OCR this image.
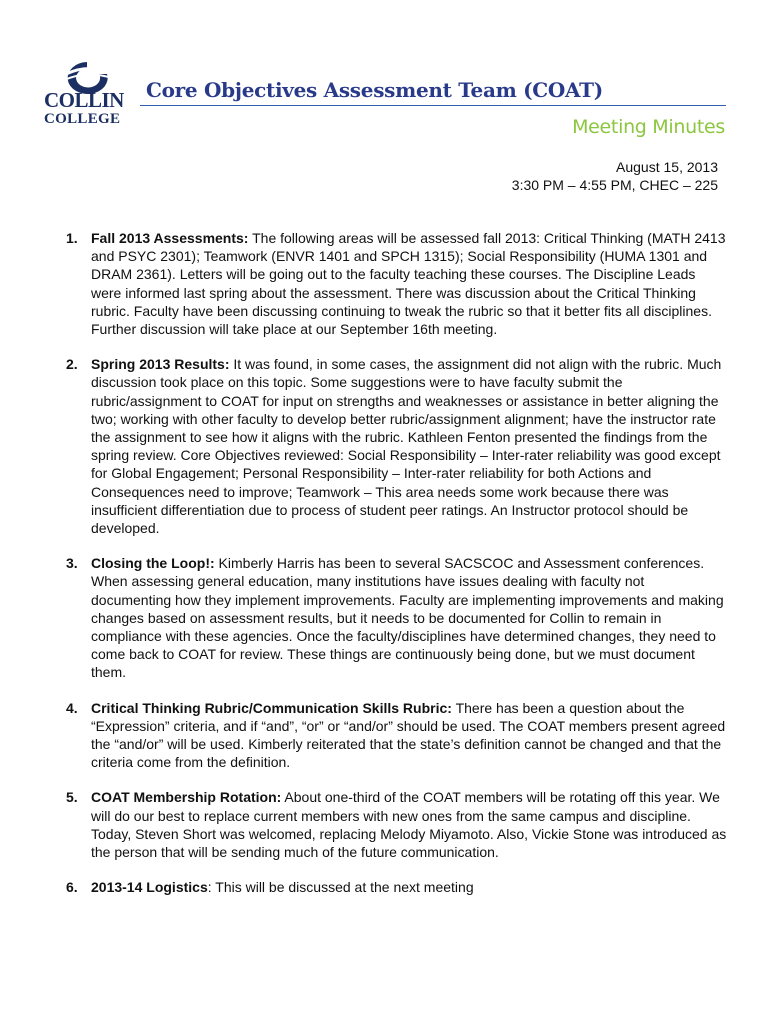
COLLIN
COLLEGE
Core Objectives Assessment Team (COAT)
Meeting Minutes
August 15, 2013
3:30 PM – 4:55 PM, CHEC – 225
1. Fall 2013 Assessments: The following areas will be assessed fall 2013: Critical Thinking (MATH 2413 and PSYC 2301); Teamwork (ENVR 1401 and SPCH 1315); Social Responsibility (HUMA 1301 and DRAM 2361). Letters will be going out to the faculty teaching these courses. The Discipline Leads were informed last spring about the assessment. There was discussion about the Critical Thinking rubric. Faculty have been discussing continuing to tweak the rubric so that it better fits all disciplines. Further discussion will take place at our September 16th meeting.
2. Spring 2013 Results: It was found, in some cases, the assignment did not align with the rubric. Much discussion took place on this topic. Some suggestions were to have faculty submit the rubric/assignment to COAT for input on strengths and weaknesses or assistance in better aligning the two; working with other faculty to develop better rubric/assignment alignment; have the instructor rate the assignment to see how it aligns with the rubric. Kathleen Fenton presented the findings from the spring review. Core Objectives reviewed: Social Responsibility – Inter-rater reliability was good except for Global Engagement; Personal Responsibility – Inter-rater reliability for both Actions and Consequences need to improve; Teamwork – This area needs some work because there was insufficient differentiation due to process of student peer ratings. An Instructor protocol should be developed.
3. Closing the Loop!: Kimberly Harris has been to several SACSCOC and Assessment conferences. When assessing general education, many institutions have issues dealing with faculty not documenting how they implement improvements. Faculty are implementing improvements and making changes based on assessment results, but it needs to be documented for Collin to remain in compliance with these agencies. Once the faculty/disciplines have determined changes, they need to come back to COAT for review. These things are continuously being done, but we must document them.
4. Critical Thinking Rubric/Communication Skills Rubric: There has been a question about the “Expression” criteria, and if “and”, “or” or “and/or” should be used. The COAT members present agreed the “and/or” will be used. Kimberly reiterated that the state’s definition cannot be changed and that the criteria come from the definition.
5. COAT Membership Rotation: About one-third of the COAT members will be rotating off this year. We will do our best to replace current members with new ones from the same campus and discipline. Today, Steven Short was welcomed, replacing Melody Miyamoto. Also, Vickie Stone was introduced as the person that will be sending much of the future communication.
6. 2013-14 Logistics: This will be discussed at the next meeting
